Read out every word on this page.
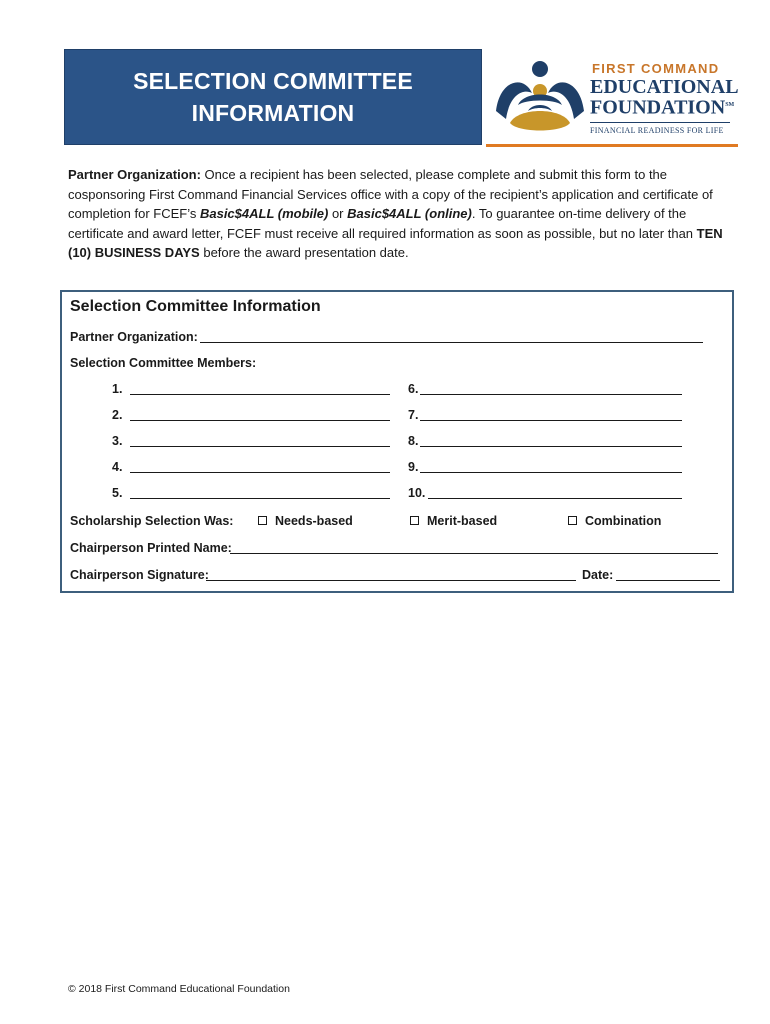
SELECTION COMMITTEE
INFORMATION
FIRST COMMAND
EDUCATIONAL
FOUNDATION℠
FINANCIAL READINESS FOR LIFE

Partner Organization: Once a recipient has been selected, please complete and submit this form to the cosponsoring First Command Financial Services office with a copy of the recipient’s application and certificate of completion for FCEF’s Basic$4ALL (mobile) or Basic$4ALL (online). To guarantee on-time delivery of the certificate and award letter, FCEF must receive all required information as soon as possible, but no later than TEN (10) BUSINESS DAYS before the award presentation date.

Selection Committee Information
Partner Organization:
Selection Committee Members:
1.
2.
3.
4.
5.
6.
7.
8.
9.
10.
Scholarship Selection Was:	Needs-based	Merit-based	Combination
Chairperson Printed Name:
Chairperson Signature:	Date:
© 2018 First Command Educational Foundation
